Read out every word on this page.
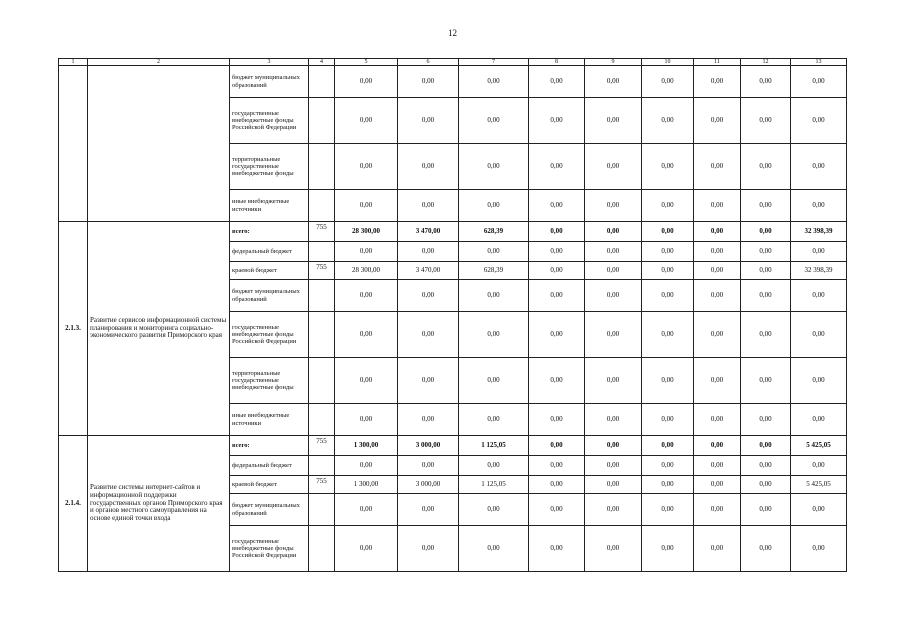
12
1	2	3	4	5	6	7	8	9	10	11	12	13
		бюджет муниципальных образований		0,00	0,00	0,00	0,00	0,00	0,00	0,00	0,00	0,00
		государственные внебюджетные фонды Российской Федерации		0,00	0,00	0,00	0,00	0,00	0,00	0,00	0,00	0,00
		территориальные государственные внебюджетные фонды		0,00	0,00	0,00	0,00	0,00	0,00	0,00	0,00	0,00
		иные внебюджетные источники		0,00	0,00	0,00	0,00	0,00	0,00	0,00	0,00	0,00
2.1.3.	Развитие сервисов информационной системы планирования и мониторинга социально-экономического развития Приморского края	всего:	755	28 300,00	3 470,00	628,39	0,00	0,00	0,00	0,00	0,00	32 398,39
		федеральный бюджет		0,00	0,00	0,00	0,00	0,00	0,00	0,00	0,00	0,00
		краевой бюджет	755	28 300,00	3 470,00	628,39	0,00	0,00	0,00	0,00	0,00	32 398,39
		бюджет муниципальных образований		0,00	0,00	0,00	0,00	0,00	0,00	0,00	0,00	0,00
		государственные внебюджетные фонды Российской Федерации		0,00	0,00	0,00	0,00	0,00	0,00	0,00	0,00	0,00
		территориальные государственные внебюджетные фонды		0,00	0,00	0,00	0,00	0,00	0,00	0,00	0,00	0,00
		иные внебюджетные источники		0,00	0,00	0,00	0,00	0,00	0,00	0,00	0,00	0,00
2.1.4.	Развитие системы интернет-сайтов и информационной поддержки государственных органов Приморского края и органов местного самоуправления на основе единой точки входа	всего:	755	1 300,00	3 000,00	1 125,05	0,00	0,00	0,00	0,00	0,00	5 425,05
		федеральный бюджет		0,00	0,00	0,00	0,00	0,00	0,00	0,00	0,00	0,00
		краевой бюджет	755	1 300,00	3 000,00	1 125,05	0,00	0,00	0,00	0,00	0,00	5 425,05
		бюджет муниципальных образований		0,00	0,00	0,00	0,00	0,00	0,00	0,00	0,00	0,00
		государственные внебюджетные фонды Российской Федерации		0,00	0,00	0,00	0,00	0,00	0,00	0,00	0,00	0,00
